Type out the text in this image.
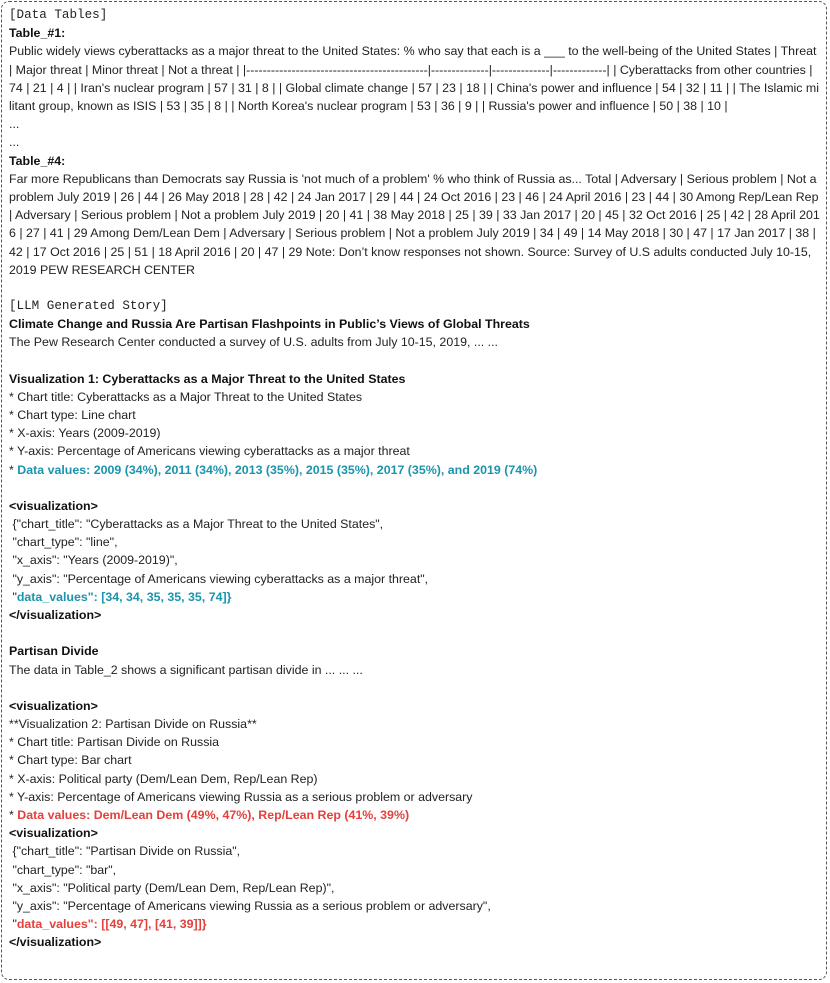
[Data Tables]
Table_#1:
Public widely views cyberattacks as a major threat to the United States: % who say that each is a ___ to the well-being of the United States | Threat | Major threat | Minor threat | Not a threat | |--------------------------------------------|--------------|--------------|-------------| | Cyberattacks from other countries | 74 | 21 | 4 | | Iran's nuclear program | 57 | 31 | 8 | | Global climate change | 57 | 23 | 18 | | China's power and influence | 54 | 32 | 11 | | The Islamic militant group, known as ISIS | 53 | 35 | 8 | | North Korea's nuclear program | 53 | 36 | 9 | | Russia's power and influence | 50 | 38 | 10 |
...
...
Table_#4:
Far more Republicans than Democrats say Russia is 'not much of a problem' % who think of Russia as... Total | Adversary | Serious problem | Not a problem July 2019 | 26 | 44 | 26 May 2018 | 28 | 42 | 24 Jan 2017 | 29 | 44 | 24 Oct 2016 | 23 | 46 | 24 April 2016 | 23 | 44 | 30 Among Rep/Lean Rep | Adversary | Serious problem | Not a problem July 2019 | 20 | 41 | 38 May 2018 | 25 | 39 | 33 Jan 2017 | 20 | 45 | 32 Oct 2016 | 25 | 42 | 28 April 2016 | 27 | 41 | 29 Among Dem/Lean Dem | Adversary | Serious problem | Not a problem July 2019 | 34 | 49 | 14 May 2018 | 30 | 47 | 17 Jan 2017 | 38 | 42 | 17 Oct 2016 | 25 | 51 | 18 April 2016 | 20 | 47 | 29 Note: Don’t know responses not shown. Source: Survey of U.S adults conducted July 10-15, 2019 PEW RESEARCH CENTER
[LLM Generated Story]
Climate Change and Russia Are Partisan Flashpoints in Public’s Views of Global Threats
The Pew Research Center conducted a survey of U.S. adults from July 10-15, 2019, ... ...
Visualization 1: Cyberattacks as a Major Threat to the United States
* Chart title: Cyberattacks as a Major Threat to the United States
* Chart type: Line chart
* X-axis: Years (2009-2019)
* Y-axis: Percentage of Americans viewing cyberattacks as a major threat
* Data values: 2009 (34%), 2011 (34%), 2013 (35%), 2015 (35%), 2017 (35%), and 2019 (74%)
<visualization>
{"chart_title": "Cyberattacks as a Major Threat to the United States",
"chart_type": "line",
"x_axis": "Years (2009-2019)",
"y_axis": "Percentage of Americans viewing cyberattacks as a major threat",
"data_values": [34, 34, 35, 35, 35, 74]}
</visualization>
Partisan Divide
The data in Table_2 shows a significant partisan divide in ... ... ...
<visualization>
**Visualization 2: Partisan Divide on Russia**
* Chart title: Partisan Divide on Russia
* Chart type: Bar chart
* X-axis: Political party (Dem/Lean Dem, Rep/Lean Rep)
* Y-axis: Percentage of Americans viewing Russia as a serious problem or adversary
* Data values: Dem/Lean Dem (49%, 47%), Rep/Lean Rep (41%, 39%)
<visualization>
{"chart_title": "Partisan Divide on Russia",
"chart_type": "bar",
"x_axis": "Political party (Dem/Lean Dem, Rep/Lean Rep)",
"y_axis": "Percentage of Americans viewing Russia as a serious problem or adversary",
"data_values": [[49, 47], [41, 39]]}
</visualization>
